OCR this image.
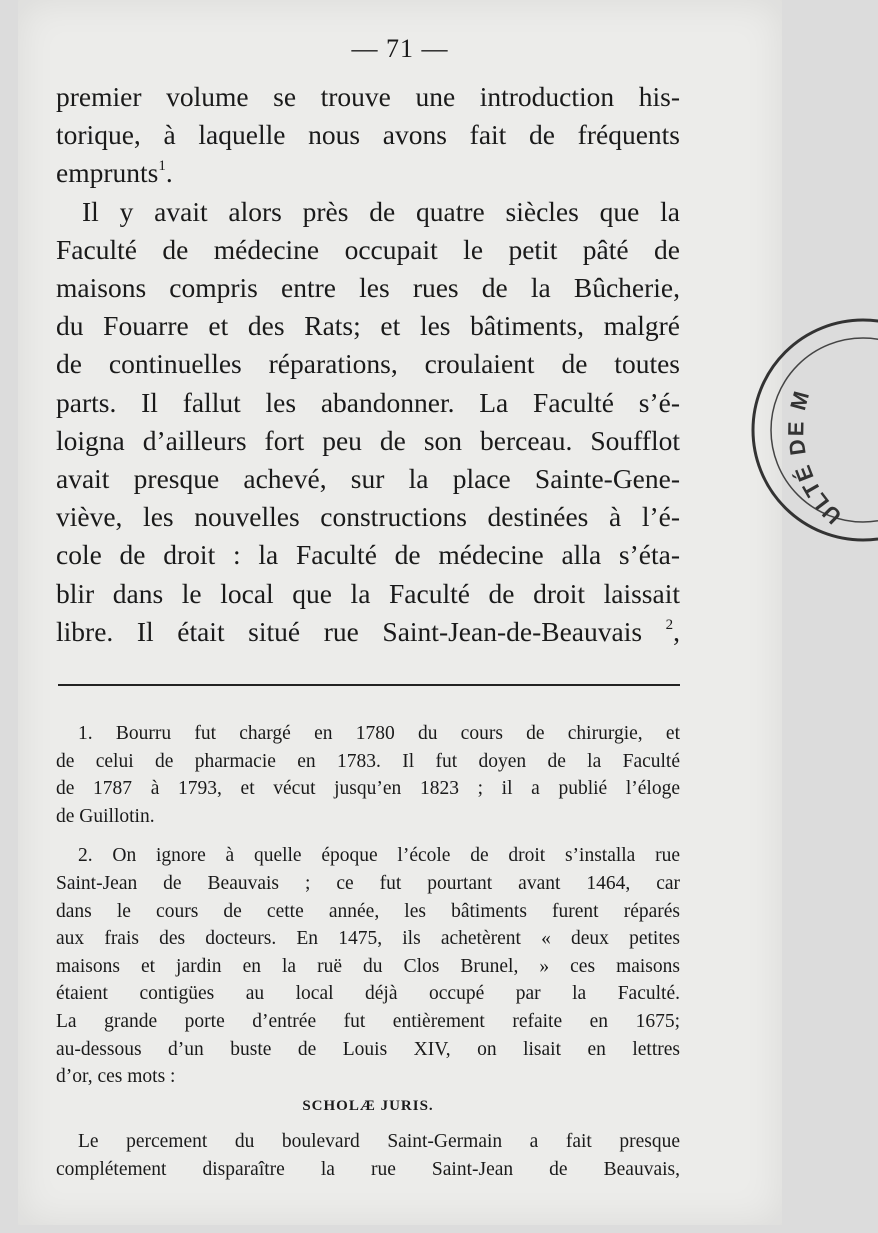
— 71 —
premier volume se trouve une introduction his-
torique, à laquelle nous avons fait de fréquents
emprunts$^1$.
Il y avait alors près de quatre siècles que la
Faculté de médecine occupait le petit pâté de
maisons compris entre les rues de la Bûcherie,
du Fouarre et des Rats; et les bâtiments, malgré
de continuelles réparations, croulaient de toutes
parts. Il fallut les abandonner. La Faculté s’é-
loigna d’ailleurs fort peu de son berceau. Soufflot
avait presque achevé, sur la place Sainte-Gene-
viève, les nouvelles constructions destinées à l’é-
cole de droit : la Faculté de médecine alla s’éta-
blir dans le local que la Faculté de droit laissait
libre. Il était situé rue Saint-Jean-de-Beauvais $^2$,
1. Bourru fut chargé en 1780 du cours de chirurgie, et
de celui de pharmacie en 1783. Il fut doyen de la Faculté
de 1787 à 1793, et vécut jusqu’en 1823 ; il a publié l’éloge
de Guillotin.
2. On ignore à quelle époque l’école de droit s’installa rue
Saint-Jean de Beauvais ; ce fut pourtant avant 1464, car
dans le cours de cette année, les bâtiments furent réparés
aux frais des docteurs. En 1475, ils achetèrent « deux petites
maisons et jardin en la ruë du Clos Brunel, » ces maisons
étaient contigües au local déjà occupé par la Faculté.
La grande porte d’entrée fut entièrement refaite en 1675;
au-dessous d’un buste de Louis XIV, on lisait en lettres
d’or, ces mots :
SCHOLÆ JURIS.
Le percement du boulevard Saint-Germain a fait presque
complétement disparaître la rue Saint-Jean de Beauvais,
ULTÉ DE M
